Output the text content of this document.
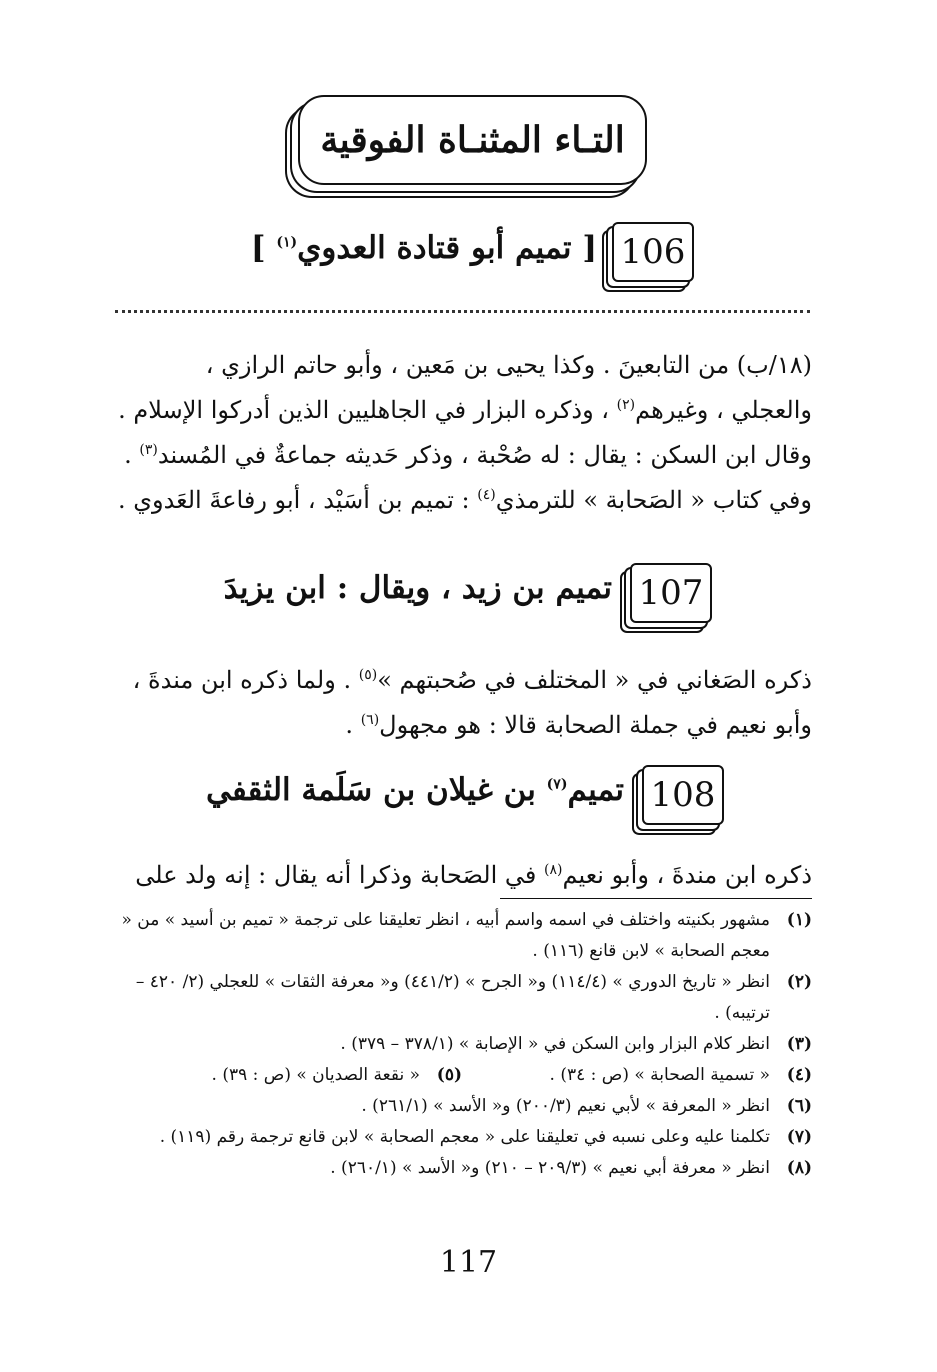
التـاء المثنـاة الفوقية
106
[ تميم أبو قتادة العدوي$^{(١)}$ ]

(١٨/ب) من التابعينَ . وكذا يحيى بن مَعين ، وأبو حاتم الرازي ،

والعجلي ، وغيرهم$^{(٢)}$ ، وذكره البزار في الجاهليين الذين أدركوا الإسلام .

وقال ابن السكن : يقال : له صُحْبة ، وذكر حَديثه جماعةٌ في المُسند$^{(٣)}$ .

وفي كتاب « الصَحابة » للترمذي$^{(٤)}$ : تميم بن أسَيْد ، أبو رفاعةَ العَدوي .

107
تميم بن زيد ، ويقال : ابن يزيدَ

ذكره الصَغاني في « المختلف في صُحبتهم »$^{(٥)}$ . ولما ذكره ابن مندةَ ،

وأبو نعيم في جملة الصحابة قالا : هو مجهول$^{(٦)}$ .

108
تميم$^{(٧)}$ بن غيلان بن سَلَمة الثقفي

ذكره ابن مندةَ ، وأبو نعيم$^{(٨)}$ في الصَحابة وذكرا أنه يقال : إنه ولد على

(١)
مشهور بكنيته واختلف في اسمه واسم أبيه ، انظر تعليقنا على ترجمة « تميم بن أسيد » من « معجم الصحابة » لابن قانع (١١٦) .
(٢)
انظر « تاريخ الدوري » (١١٤/٤) و« الجرح » (٤٤١/٢) و« معرفة الثقات » للعجلي (٢/ ٤٢٠ – ترتيبه) .
(٣)
انظر كلام البزار وابن السكن في « الإصابة » (٣٧٨/١ – ٣٧٩) .
(٤)
« تسمية الصحابة » (ص : ٣٤) .
(٥)
« نقعة الصديان » (ص : ٣٩) .
(٦)
انظر « المعرفة » لأبي نعيم (٢٠٠/٣) و« الأسد » (٢٦١/١) .
(٧)
تكلمنا عليه وعلى نسبه في تعليقنا على « معجم الصحابة » لابن قانع ترجمة رقم (١١٩) .
(٨)
انظر « معرفة أبي نعيم » (٢٠٩/٣ – ٢١٠) و« الأسد » (٢٦٠/١) .
117
